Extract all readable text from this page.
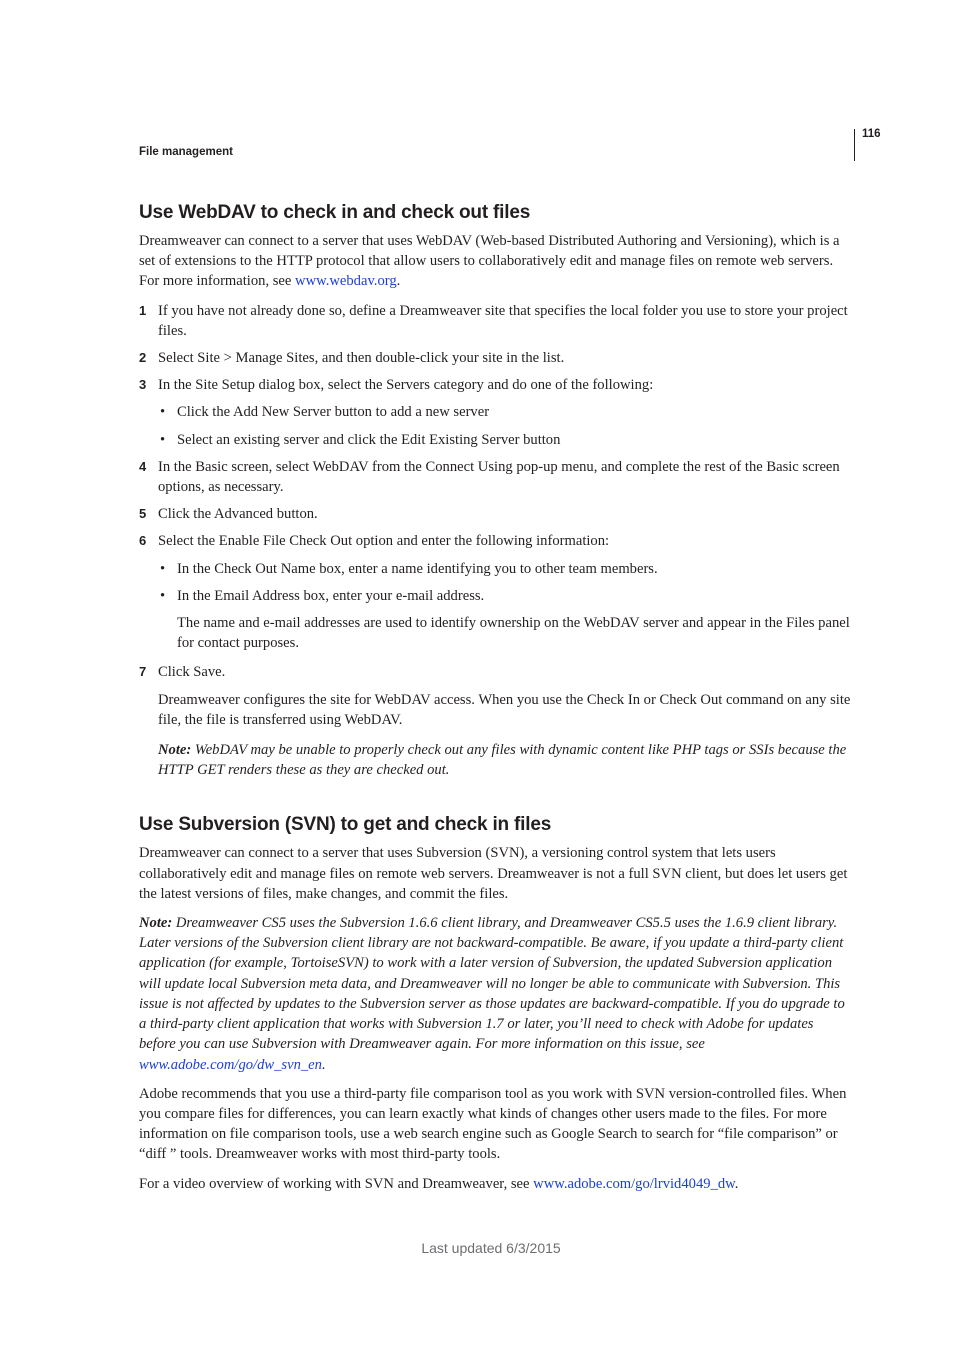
File management
116
Use WebDAV to check in and check out files

Dreamweaver can connect to a server that uses WebDAV (Web-based Distributed Authoring and Versioning), which is a set of extensions to the HTTP protocol that allow users to collaboratively edit and manage files on remote web servers. For more information, see www.webdav.org.

1 If you have not already done so, define a Dreamweaver site that specifies the local folder you use to store your project files.
2 Select Site > Manage Sites, and then double-click your site in the list.
3 In the Site Setup dialog box, select the Servers category and do one of the following:
• Click the Add New Server button to add a new server
• Select an existing server and click the Edit Existing Server button
4 In the Basic screen, select WebDAV from the Connect Using pop-up menu, and complete the rest of the Basic screen options, as necessary.
5 Click the Advanced button.
6 Select the Enable File Check Out option and enter the following information:
• In the Check Out Name box, enter a name identifying you to other team members.
• In the Email Address box, enter your e-mail address.

The name and e-mail addresses are used to identify ownership on the WebDAV server and appear in the Files panel for contact purposes.

7 Click Save.

Dreamweaver configures the site for WebDAV access. When you use the Check In or Check Out command on any site file, the file is transferred using WebDAV.

Note: WebDAV may be unable to properly check out any files with dynamic content like PHP tags or SSIs because the HTTP GET renders these as they are checked out.

Use Subversion (SVN) to get and check in files

Dreamweaver can connect to a server that uses Subversion (SVN), a versioning control system that lets users collaboratively edit and manage files on remote web servers. Dreamweaver is not a full SVN client, but does let users get the latest versions of files, make changes, and commit the files.

Note: Dreamweaver CS5 uses the Subversion 1.6.6 client library, and Dreamweaver CS5.5 uses the 1.6.9 client library. Later versions of the Subversion client library are not backward-compatible. Be aware, if you update a third-party client application (for example, TortoiseSVN) to work with a later version of Subversion, the updated Subversion application will update local Subversion meta data, and Dreamweaver will no longer be able to communicate with Subversion. This issue is not affected by updates to the Subversion server as those updates are backward-compatible. If you do upgrade to a third-party client application that works with Subversion 1.7 or later, you’ll need to check with Adobe for updates before you can use Subversion with Dreamweaver again. For more information on this issue, see www.adobe.com/go/dw_svn_en.

Adobe recommends that you use a third-party file comparison tool as you work with SVN version-controlled files. When you compare files for differences, you can learn exactly what kinds of changes other users made to the files. For more information on file comparison tools, use a web search engine such as Google Search to search for “file comparison” or “diff ” tools. Dreamweaver works with most third-party tools.

For a video overview of working with SVN and Dreamweaver, see www.adobe.com/go/lrvid4049_dw.

Last updated 6/3/2015
